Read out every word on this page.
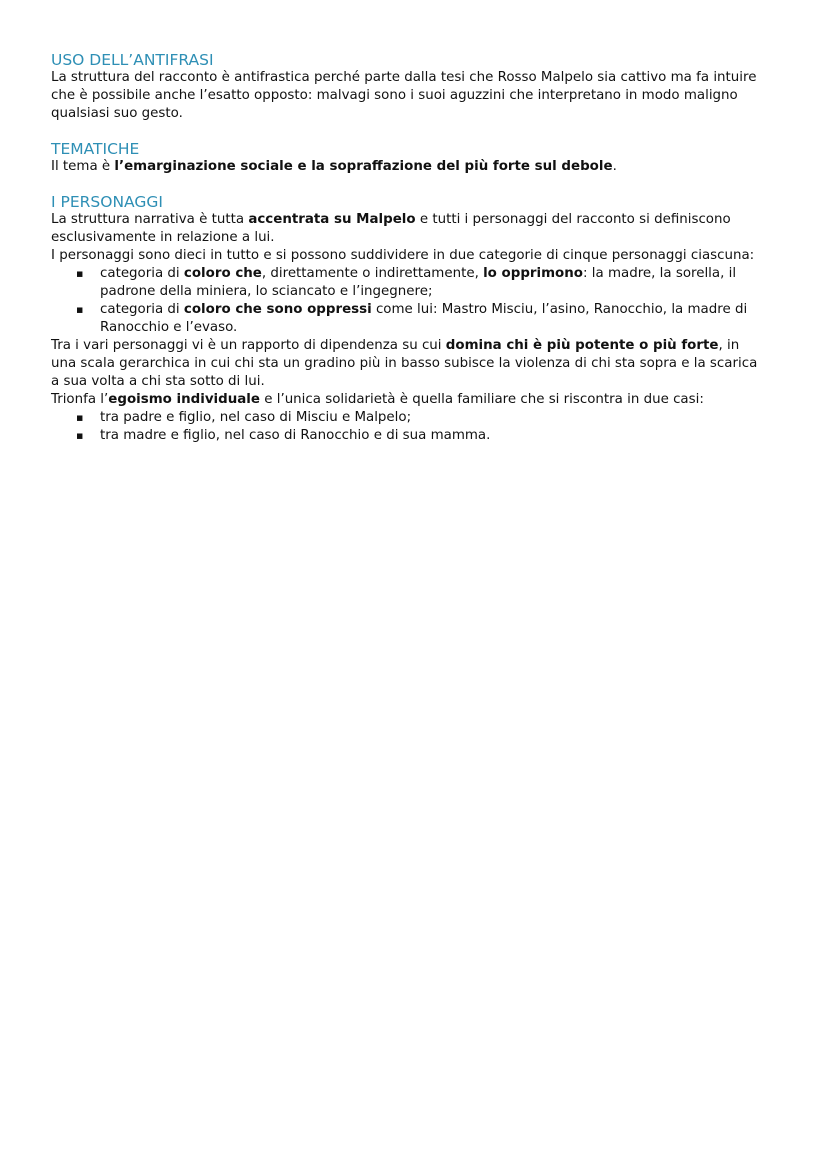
USO DELL’ANTIFRASI

La struttura del racconto è antifrastica perché parte dalla tesi che Rosso Malpelo sia cattivo ma fa intuire che è possibile anche l’esatto opposto: malvagi sono i suoi aguzzini che interpretano in modo maligno qualsiasi suo gesto.

TEMATICHE

Il tema è l’emarginazione sociale e la sopraffazione del più forte sul debole.

I PERSONAGGI

La struttura narrativa è tutta accentrata su Malpelo e tutti i personaggi del racconto si definiscono esclusivamente in relazione a lui.

I personaggi sono dieci in tutto e si possono suddividere in due categorie di cinque personaggi ciascuna:

▪ categoria di coloro che, direttamente o indirettamente, lo opprimono: la madre, la sorella, il padrone della miniera, lo sciancato e l’ingegnere;
▪ categoria di coloro che sono oppressi come lui: Mastro Misciu, l’asino, Ranocchio, la madre di Ranocchio e l’evaso.

Tra i vari personaggi vi è un rapporto di dipendenza su cui domina chi è più potente o più forte, in una scala gerarchica in cui chi sta un gradino più in basso subisce la violenza di chi sta sopra e la scarica a sua volta a chi sta sotto di lui.

Trionfa l’egoismo individuale e l’unica solidarietà è quella familiare che si riscontra in due casi:

▪ tra padre e figlio, nel caso di Misciu e Malpelo;
▪ tra madre e figlio, nel caso di Ranocchio e di sua mamma.
